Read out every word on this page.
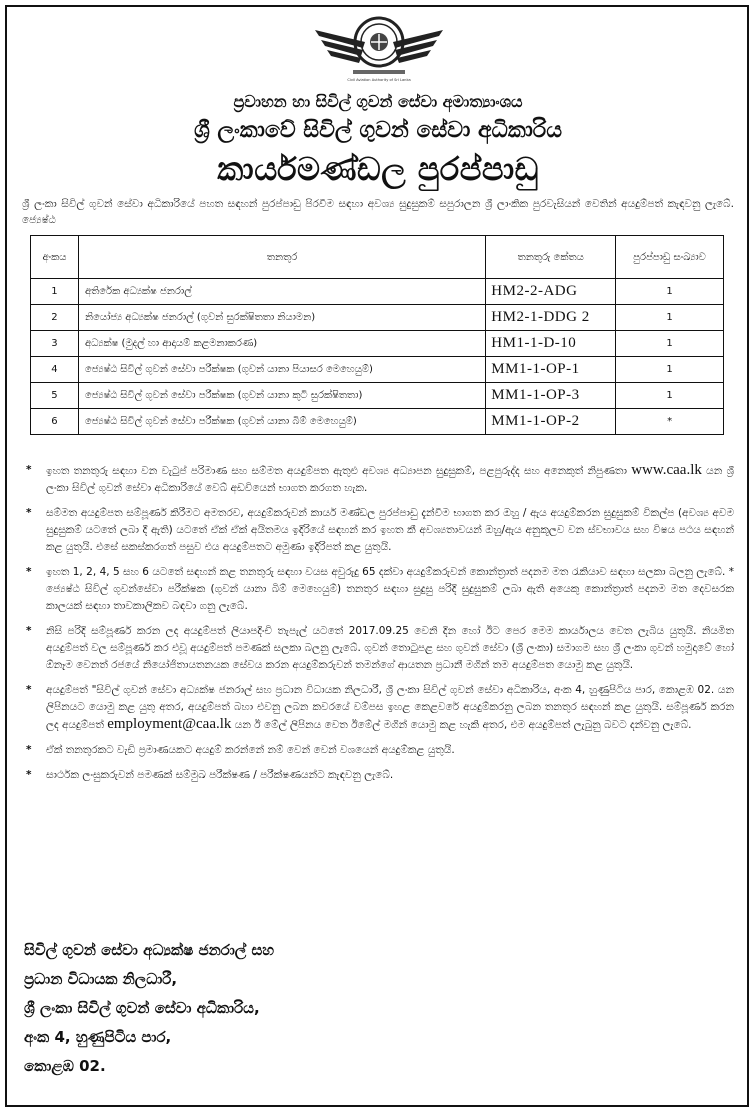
Civil Aviation Authority of Sri Lanka
ප්‍රවාහන හා සිවිල් ගුවන් සේවා අමාත්‍යාංශය
ශ්‍රී ලංකාවේ සිවිල් ගුවන් සේවා අධිකාරිය
කාර්යමණ්ඩල පුරප්පාඩු
ශ්‍රී ලංකා සිවිල් ගුවන් සේවා අධිකාරියේ පහත සඳහන් පුරප්පාඩු පිරවීම සඳහා අවශ්‍ය සුදුසුකම් සපුරාලන ශ්‍රී ලාංකික පුරවැසියන් වෙතින් අයදුම්පත් කැඳවනු ලැබේ. ජ්‍යෙෂ්ඨ
අංකය	තනතුර	තනතුරු කේතය	පුරප්පාඩු සංඛ්‍යාව
1	අතිරේක අධ්‍යක්ෂ ජනරාල්	HM2-2-ADG	1
2	නියෝජ්‍ය අධ්‍යක්ෂ ජනරාල් (ගුවන් සුරක්ෂිතතා නියාමන)	HM2-1-DDG 2	1
3	අධ්‍යක්ෂ (මුදල් හා ආදායම් කළමනාකරණ)	HM1-1-D-10	1
4	ජ්‍යෙෂ්ඨ සිවිල් ගුවන් සේවා පරීක්ෂක (ගුවන් යානා පියාසර මෙහෙයුම්)	MM1-1-OP-1	1
5	ජ්‍යෙෂ්ඨ සිවිල් ගුවන් සේවා පරීක්ෂක (ගුවන් යානා කුටි සුරක්ෂිතතා)	MM1-1-OP-3	1
6	ජ්‍යෙෂ්ඨ සිවිල් ගුවන් සේවා පරීක්ෂක (ගුවන් යානා බිම් මෙහෙයුම්)	MM1-1-OP-2	*
* ඉහත තනතුරු සඳහා වන වැටුප් පරිමාණ සහ සම්මත අයදුම්පත ඇතුළු අවශ්‍ය අධ්‍යාපන සුදුසුකම්, පළපුරුද්ද සහ අනෙකුත් නිපුණතා www.caa.lk යන ශ්‍රී ලංකා සිවිල් ගුවන් සේවා අධිකාරියේ වෙබ් අඩවියෙන් භාගත කරගත හැක.
* සම්මත අයදුම්පත සම්පූර්ණ කිරීමට අමතරව, අයදුම්කරුවන් කාර්ය මණ්ඩල පුරප්පාඩු දැන්වීම භාගත කර ඔහු / ඇය අයදුම්කරන සුදුසුකම් විකල්ප (අවශ්‍ය අවම සුදුසුකම් යටතේ ලබා දී ඇති) යටතේ ඒක් ඒක් අයිතමය ඉදිරියේ සඳහන් කර ඉහත කී අවශ්‍යතාවයන් ඔහු/ඇය අනුකූලව වන ස්වභාවය සහ විෂය පථය සඳහන් කළ යුතුයි. එසේ සකස්කරගත් පසුව එය අයදුම්පතට අමුණා ඉදිරිපත් කළ යුතුයි.
* ඉහත 1, 2, 4, 5 සහ 6 යටතේ සඳහන් කළ තනතුරු සඳහා වයස අවුරුදු 65 දක්වා අයදුම්කරුවන් කොන්ත්‍රාත් පදනම මත රැකියාව සඳහා සලකා බලනු ලැබේ. * ජ්‍යෙෂ්ඨ සිවිල් ගුවන්සේවා පරීක්ෂක (ගුවන් යානා බිම් මෙහෙයුම්) තනතුර සඳහා සුදුසු පරිදි සුදුසුකම් ලබා ඇති අයෙකු කොන්ත්‍රාත් පදනම මත දෙවසරක කාලයක් සඳහා තාවකාලිකව බඳවා ගනු ලැබේ.
* නිසි පරිදි සම්පූර්ණ කරන ලද අයදුම්පත් ලියාපදිංචි තැපැල් යටතේ 2017.09.25 වෙනි දින හෝ ඊට පෙර මෙම කාර්යාලය වෙත ලැබිය යුතුයි. නියමිත අයදුම්පත් වල සම්පූර්ණ කර එවූ අයදුම්පත් පමණක් සලකා බලනු ලැබේ. ගුවන් තොටුපළ සහ ගුවන් සේවා (ශ්‍රී ලංකා) සමාගම සහ ශ්‍රී ලංකා ගුවන් හමුදාවේ හෝ ඕනෑම වෙනත් රජයේ නියෝජිතායතනයක සේවය කරන අයදුම්කරුවන් තමන්ගේ ආයතන ප්‍රධානී මගින් තම අයදුම්පත යොමු කළ යුතුයි.
* අයදුම්පත් "සිවිල් ගුවන් සේවා අධ්‍යක්ෂ ජනරාල් සහ ප්‍රධාන විධායක නිලධාරී, ශ්‍රී ලංකා සිවිල් ගුවන් සේවා අධිකාරිය, අංක 4, හුණුපිටිය පාර, කොළඹ 02. යන ලිපිනයට යොමු කළ යුතු අතර, අයදුම්පත් බහා එවනු ලබන කවරයේ වම්පස ඉහළ කෙළවරේ අයදුම්කරනු ලබන තනතුර සඳහන් කළ යුතුයි. සම්පූර්ණ කරන ලද අයදුම්පත් employment@caa.lk යන ඊ මේල් ලිපිනය වෙත ඊමේල් මගින් යොමු කළ හැකි අතර, එම අයදුම්පත් ලැබුනු බවට දන්වනු ලැබේ.
* ඒක් තනතුරකට වැඩි ප්‍රමාණයකට අයදුම් කරන්නේ නම් වෙන් වෙන් වශයෙන් අයදුම්කළ යුතුයි.
* සාර්ථක ලංසුකරුවන් පමණක් සම්මුඛ පරීක්ෂණ / පරීක්ෂණයන්ට කැඳවනු ලැබේ.
සිවිල් ගුවන් සේවා අධ්‍යක්ෂ ජනරාල් සහ
ප්‍රධාන විධායක නිලධාරී,
ශ්‍රී ලංකා සිවිල් ගුවන් සේවා අධිකාරිය,
අංක 4, හුණුපිටිය පාර,
කොළඹ 02.
